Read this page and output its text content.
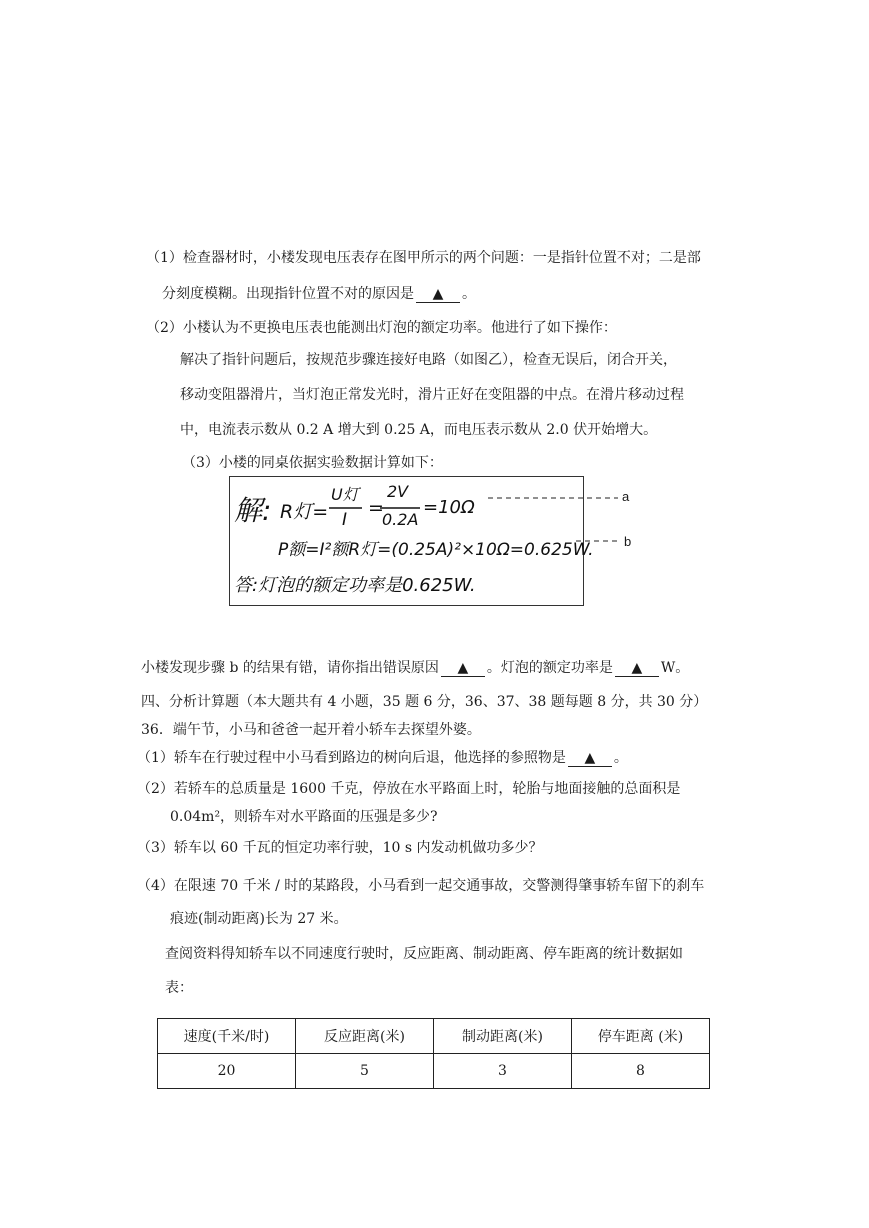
（1）检查器材时，小楼发现电压表存在图甲所示的两个问题：一是指针位置不对；二是部
分刻度模糊。出现指针位置不对的原因是 ▲ 。
（2）小楼认为不更换电压表也能测出灯泡的额定功率。他进行了如下操作：
解决了指针问题后，按规范步骤连接好电路（如图乙），检查无误后，闭合开关，
移动变阻器滑片，当灯泡正常发光时，滑片正好在变阻器的中点。在滑片移动过程
中，电流表示数从 0.2 A 增大到 0.25 A，而电压表示数从 2.0 伏开始增大。
（3）小楼的同桌依据实验数据计算如下：
解: R灯=
U灯
I
=
2V
0.2A
=10Ω
P额=I²额R灯=(0.25A)²×10Ω=0.625W.
答:灯泡的额定功率是0.625W.
a
b
小楼发现步骤 b 的结果有错，请你指出错误原因 ▲ 。灯泡的额定功率是 ▲ W。
四、分析计算题（本大题共有 4 小题，35 题 6 分，36、37、38 题每题 8 分，共 30 分）
36．端午节，小马和爸爸一起开着小轿车去探望外婆。
（1）轿车在行驶过程中小马看到路边的树向后退，他选择的参照物是 ▲ 。
（2）若轿车的总质量是 1600 千克，停放在水平路面上时，轮胎与地面接触的总面积是
0.04m²，则轿车对水平路面的压强是多少?
（3）轿车以 60 千瓦的恒定功率行驶，10 s 内发动机做功多少？
（4）在限速 70 千米 / 时的某路段，小马看到一起交通事故，交警测得肇事轿车留下的刹车
痕迹(制动距离)长为 27 米。
查阅资料得知轿车以不同速度行驶时，反应距离、制动距离、停车距离的统计数据如
表：
速度(千米/时)	反应距离(米)	制动距离(米)	停车距离 (米)
20	5	3	8
